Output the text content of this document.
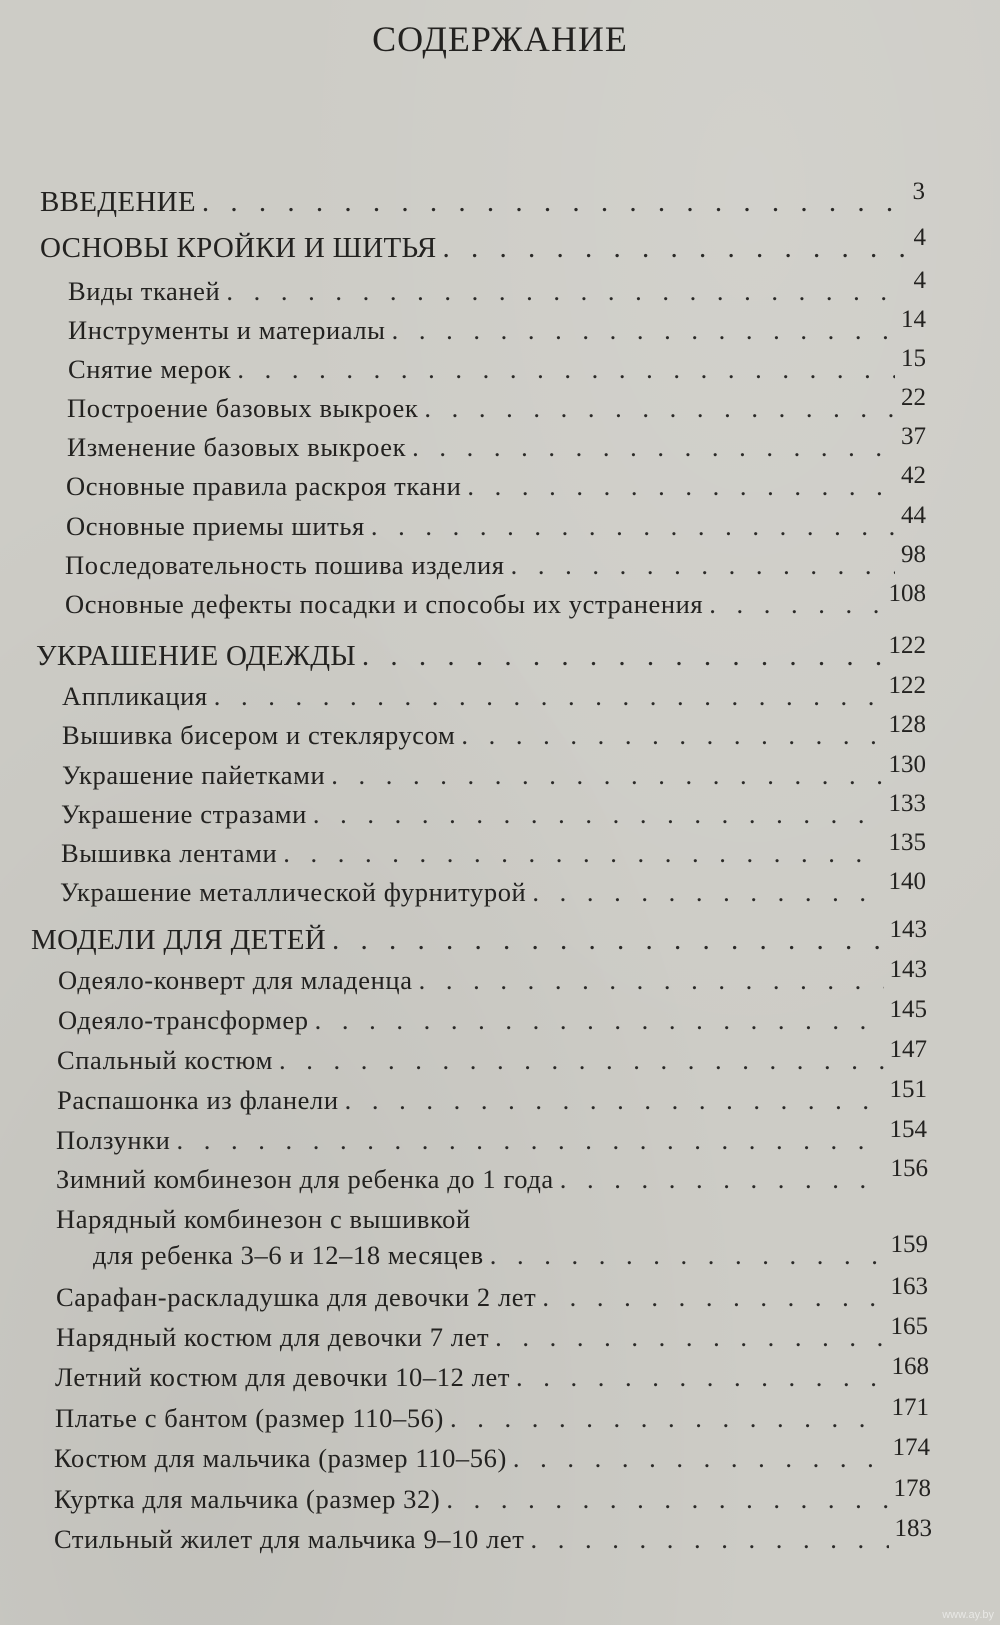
СОДЕРЖАНИЕ
ВВЕДЕНИЕ . . .	3
ОСНОВЫ КРОЙКИ И ШИТЬЯ . . .	4
Виды тканей . . .	4
Инструменты и материалы . . .	14
Снятие мерок . . .	15
Построение базовых выкроек . . .	22
Изменение базовых выкроек . . .	37
Основные правила раскроя ткани . . .	42
Основные приемы шитья . . .	44
Последовательность пошива изделия . . .	98
Основные дефекты посадки и способы их устранения . . .	108
УКРАШЕНИЕ ОДЕЖДЫ . . .	122
Аппликация . . .	122
Вышивка бисером и стеклярусом . . .	128
Украшение пайетками . . .	130
Украшение стразами . . .	133
Вышивка лентами . . .	135
Украшение металлической фурнитурой . . .	140
МОДЕЛИ ДЛЯ ДЕТЕЙ . . .	143
Одеяло-конверт для младенца . . .	143
Одеяло-трансформер . . .	145
Спальный костюм . . .	147
Распашонка из фланели . . .	151
Ползунки . . .	154
Зимний комбинезон для ребенка до 1 года . . .	156
Нарядный комбинезон с вышивкой
для ребенка 3–6 и 12–18 месяцев . . .	159
Сарафан-раскладушка для девочки 2 лет . . .	163
Нарядный костюм для девочки 7 лет . . .	165
Летний костюм для девочки 10–12 лет . . .	168
Платье с бантом (размер 110–56) . . .	171
Костюм для мальчика (размер 110–56) . . .	174
Куртка для мальчика (размер 32) . . .	178
Стильный жилет для мальчика 9–10 лет . . .	183
www.ay.by
